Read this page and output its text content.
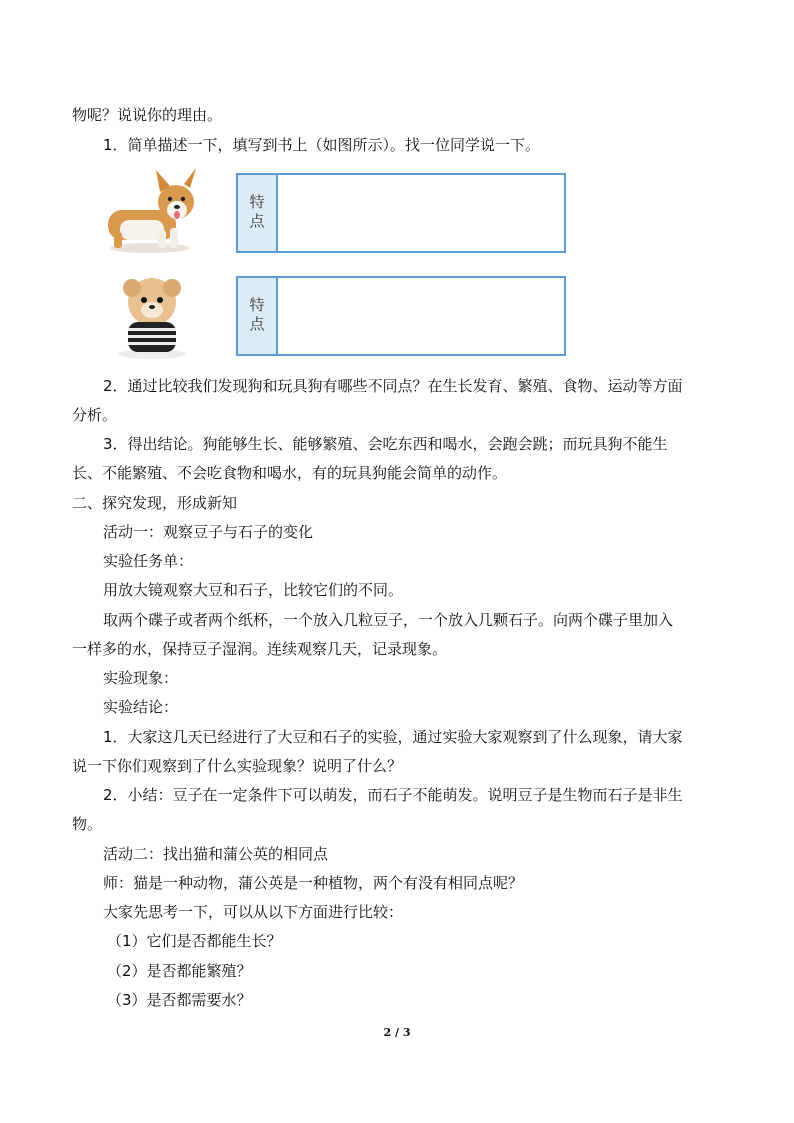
物呢？说说你的理由。
1．简单描述一下，填写到书上（如图所示）。找一位同学说一下。
特点
特点
2．通过比较我们发现狗和玩具狗有哪些不同点？在生长发育、繁殖、食物、运动等方面
分析。
3．得出结论。狗能够生长、能够繁殖、会吃东西和喝水，会跑会跳；而玩具狗不能生
长、不能繁殖、不会吃食物和喝水，有的玩具狗能会简单的动作。
二、探究发现，形成新知
活动一：观察豆子与石子的变化
实验任务单：
用放大镜观察大豆和石子，比较它们的不同。
取两个碟子或者两个纸杯，一个放入几粒豆子，一个放入几颗石子。向两个碟子里加入
一样多的水，保持豆子湿润。连续观察几天，记录现象。
实验现象：
实验结论：
1．大家这几天已经进行了大豆和石子的实验，通过实验大家观察到了什么现象，请大家
说一下你们观察到了什么实验现象？说明了什么？
2．小结：豆子在一定条件下可以萌发，而石子不能萌发。说明豆子是生物而石子是非生
物。
活动二：找出猫和蒲公英的相同点
师：猫是一种动物，蒲公英是一种植物，两个有没有相同点呢？
大家先思考一下，可以从以下方面进行比较：
（1）它们是否都能生长？
（2）是否都能繁殖？
（3）是否都需要水？
2 / 3
